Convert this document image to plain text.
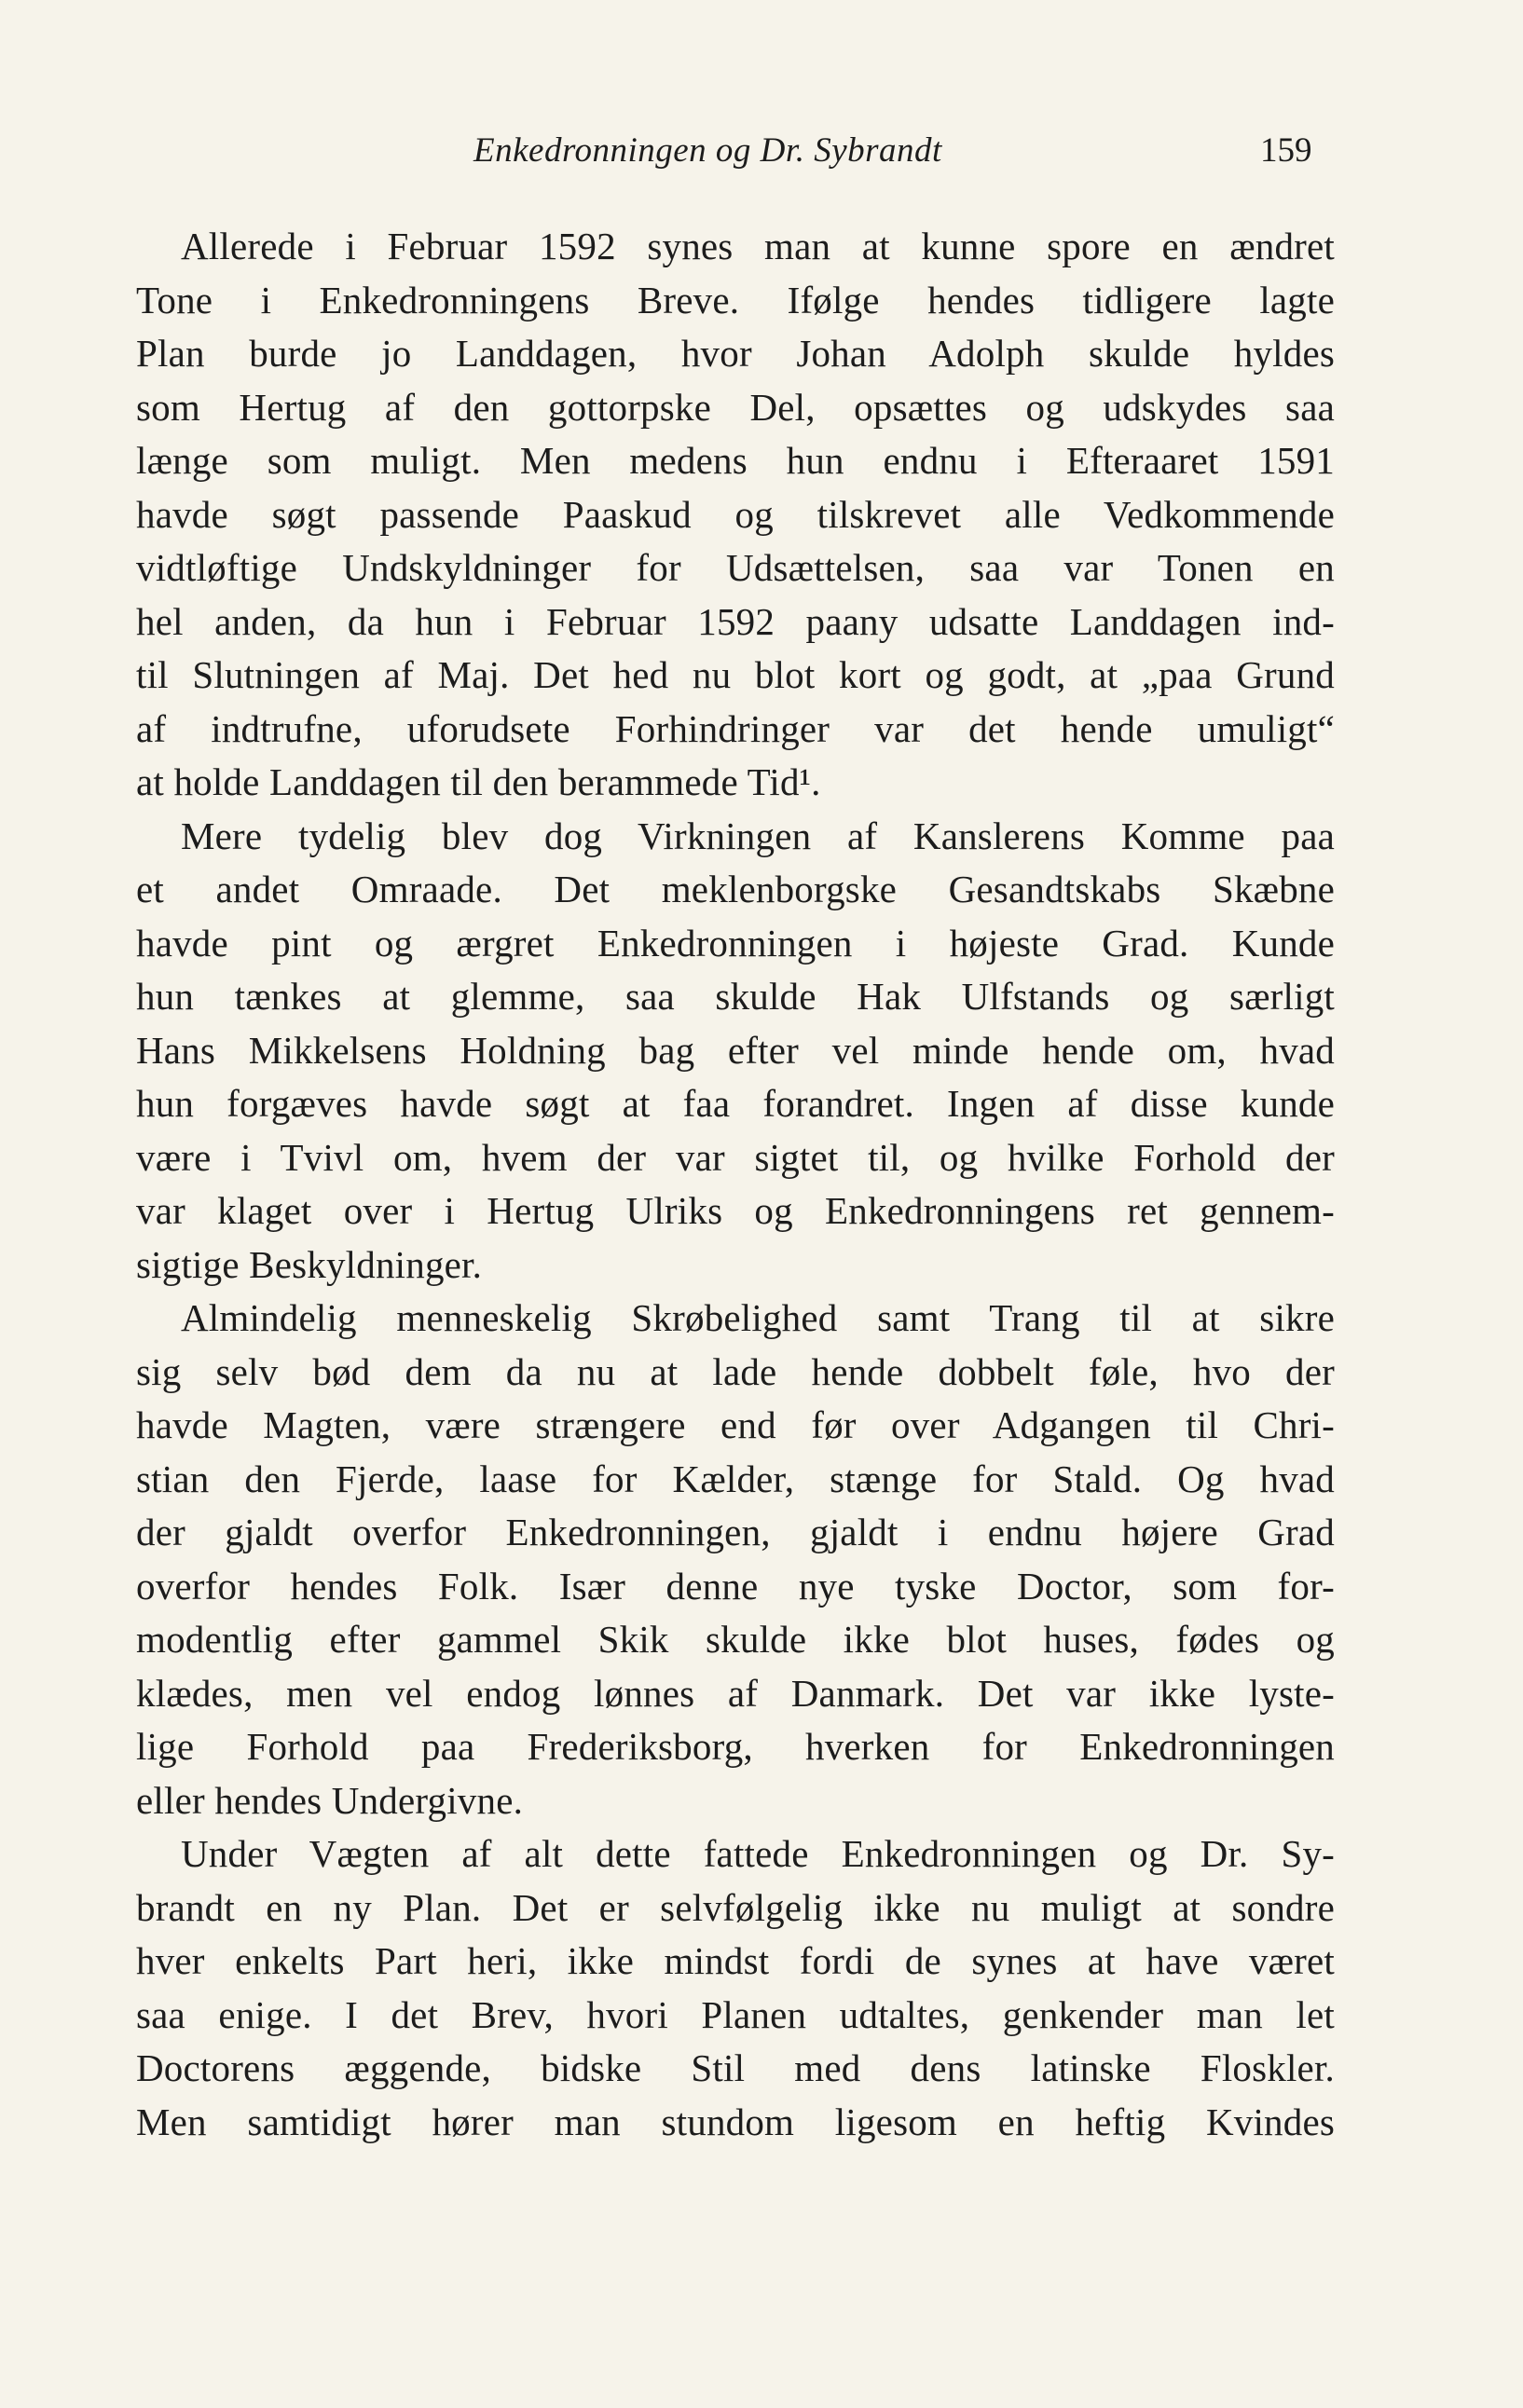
Enkedronningen og Dr. Sybrandt	159
Allerede i Februar 1592 synes man at kunne spore en ændret
Tone i Enkedronningens Breve. Ifølge hendes tidligere lagte
Plan burde jo Landdagen, hvor Johan Adolph skulde hyldes
som Hertug af den gottorpske Del, opsættes og udskydes saa
længe som muligt. Men medens hun endnu i Efteraaret 1591
havde søgt passende Paaskud og tilskrevet alle Vedkommende
vidtløftige Undskyldninger for Udsættelsen, saa var Tonen en
hel anden, da hun i Februar 1592 paany udsatte Landdagen ind-
til Slutningen af Maj. Det hed nu blot kort og godt, at „paa Grund
af indtrufne, uforudsete Forhindringer var det hende umuligt“
at holde Landdagen til den berammede Tid¹.
Mere tydelig blev dog Virkningen af Kanslerens Komme paa
et andet Omraade. Det meklenborgske Gesandtskabs Skæbne
havde pint og ærgret Enkedronningen i højeste Grad. Kunde
hun tænkes at glemme, saa skulde Hak Ulfstands og særligt
Hans Mikkelsens Holdning bag efter vel minde hende om, hvad
hun forgæves havde søgt at faa forandret. Ingen af disse kunde
være i Tvivl om, hvem der var sigtet til, og hvilke Forhold der
var klaget over i Hertug Ulriks og Enkedronningens ret gennem-
sigtige Beskyldninger.
Almindelig menneskelig Skrøbelighed samt Trang til at sikre
sig selv bød dem da nu at lade hende dobbelt føle, hvo der
havde Magten, være strængere end før over Adgangen til Chri-
stian den Fjerde, laase for Kælder, stænge for Stald. Og hvad
der gjaldt overfor Enkedronningen, gjaldt i endnu højere Grad
overfor hendes Folk. Især denne nye tyske Doctor, som for-
modentlig efter gammel Skik skulde ikke blot huses, fødes og
klædes, men vel endog lønnes af Danmark. Det var ikke lyste-
lige Forhold paa Frederiksborg, hverken for Enkedronningen
eller hendes Undergivne.
Under Vægten af alt dette fattede Enkedronningen og Dr. Sy-
brandt en ny Plan. Det er selvfølgelig ikke nu muligt at sondre
hver enkelts Part heri, ikke mindst fordi de synes at have været
saa enige. I det Brev, hvori Planen udtaltes, genkender man let
Doctorens æggende, bidske Stil med dens latinske Floskler.
Men samtidigt hører man stundom ligesom en heftig Kvindes
